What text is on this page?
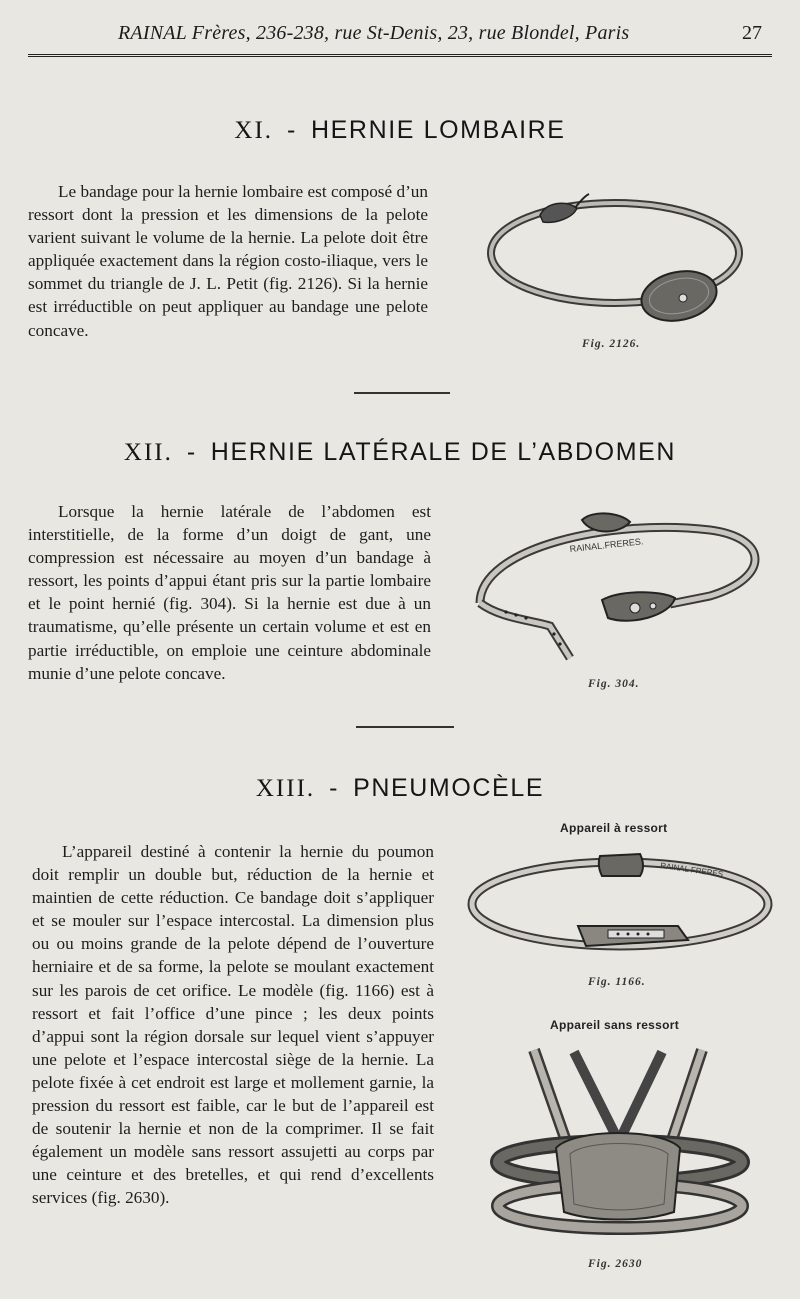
RAINAL Frères, 236-238, rue St-Denis, 23, rue Blondel, Paris	27
XI. - HERNIE LOMBAIRE
Le bandage pour la hernie lombaire est composé d’un ressort dont la pression et les dimensions de la pelote varient suivant le volume de la hernie. La pelote doit être appliquée exactement dans la région costo-iliaque, vers le sommet du triangle de J. L. Petit (fig. 2126). Si la hernie est irréductible on peut appliquer au bandage une pelote concave.
Fig. 2126.
XII. - HERNIE LATÉRALE DE L’ABDOMEN
Lorsque la hernie latérale de l’abdomen est interstitielle, de la forme d’un doigt de gant, une compression est nécessaire au moyen d’un bandage à ressort, les points d’appui étant pris sur la partie lombaire et le point hernié (fig. 304). Si la hernie est due à un traumatisme, qu’elle présente un certain volume et est en partie irréductible, on emploie une ceinture abdominale munie d’une pelote concave.
RAINAL.FRERES.
Fig. 304.
XIII. - PNEUMOCÈLE
L’appareil destiné à contenir la hernie du poumon doit remplir un double but, réduction de la hernie et maintien de cette réduction. Ce bandage doit s’appliquer et se mouler sur l’espace intercostal. La dimension plus ou ou moins grande de la pelote dépend de l’ouverture herniaire et de sa forme, la pelote se moulant exactement sur les parois de cet orifice. Le modèle (fig. 1166) est à ressort et fait l’office d’une pince ; les deux points d’appui sont la région dorsale sur lequel vient s’appuyer une pelote et l’espace intercostal siège de la hernie. La pelote fixée à cet endroit est large et mollement garnie, la pression du ressort est faible, car le but de l’appareil est de soutenir la hernie et non de la comprimer. Il se fait également un modèle sans ressort assujetti au corps par une ceinture et des bretelles, et qui rend d’excellents services (fig. 2630).
Appareil à ressort
RAINAL FRERES
Fig. 1166.
Appareil sans ressort
Fig. 2630
